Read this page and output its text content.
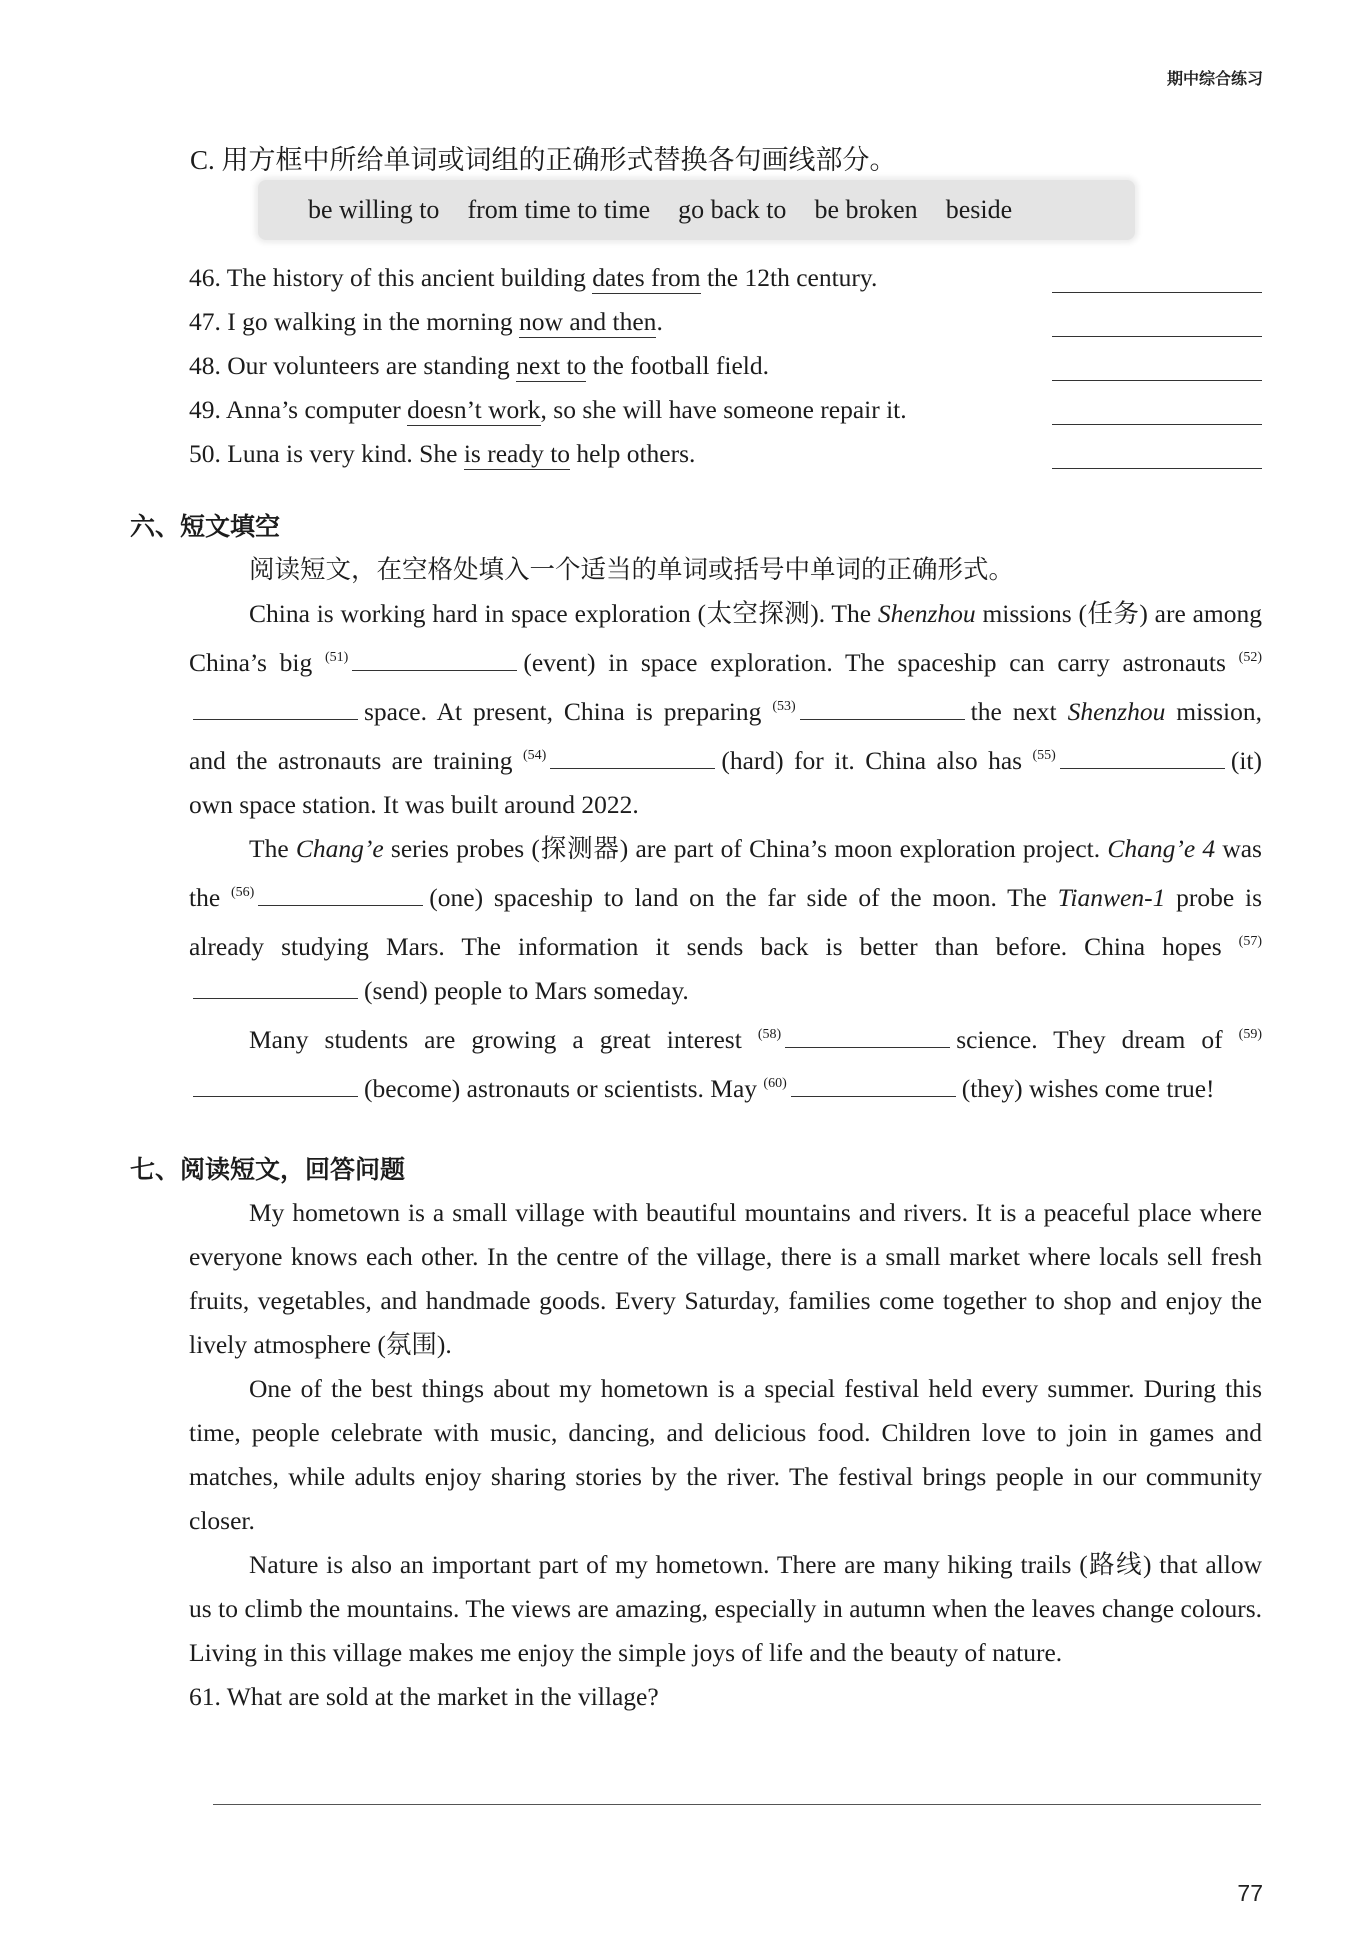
期中综合练习
C. 用方框中所给单词或词组的正确形式替换各句画线部分。
be willing to from time to time go back to be broken beside
46. The history of this ancient building dates from the 12th century.
47. I go walking in the morning now and then.
48. Our volunteers are standing next to the football field.
49. Anna’s computer doesn’t work, so she will have someone repair it.
50. Luna is very kind. She is ready to help others.
六、短文填空

阅读短文，在空格处填入一个适当的单词或括号中单词的正确形式。

China is working hard in space exploration (太空探测). The Shenzhou missions (任务) are among China’s big $^{(51)}$	(event) in space exploration. The spaceship can carry astronauts $^{(52)}$space. At present, China is preparing $^{(53)}$	the next Shenzhou mission, and the astronauts are training $^{(54)}$	(hard) for it. China also has $^{(55)}$	(it) own space station. It was built around 2022.

The Chang’e series probes (探测器) are part of China’s moon exploration project. Chang’e 4 was the $^{(56)}$	(one) spaceship to land on the far side of the moon. The Tianwen-1 probe is already studying Mars. The information it sends back is better than before. China hopes $^{(57)}$(send) people to Mars someday.

Many students are growing a great interest $^{(58)}$	science. They dream of $^{(59)}$(become) astronauts or scientists. May $^{(60)}$	(they) wishes come true!

七、阅读短文，回答问题

My hometown is a small village with beautiful mountains and rivers. It is a peaceful place where everyone knows each other. In the centre of the village, there is a small market where locals sell fresh fruits, vegetables, and handmade goods. Every Saturday, families come together to shop and enjoy the lively atmosphere (氛围).

One of the best things about my hometown is a special festival held every summer. During this time, people celebrate with music, dancing, and delicious food. Children love to join in games and matches, while adults enjoy sharing stories by the river. The festival brings people in our community closer.

Nature is also an important part of my hometown. There are many hiking trails (路线) that allow us to climb the mountains. The views are amazing, especially in autumn when the leaves change colours. Living in this village makes me enjoy the simple joys of life and the beauty of nature.

61. What are sold at the market in the village?

77
